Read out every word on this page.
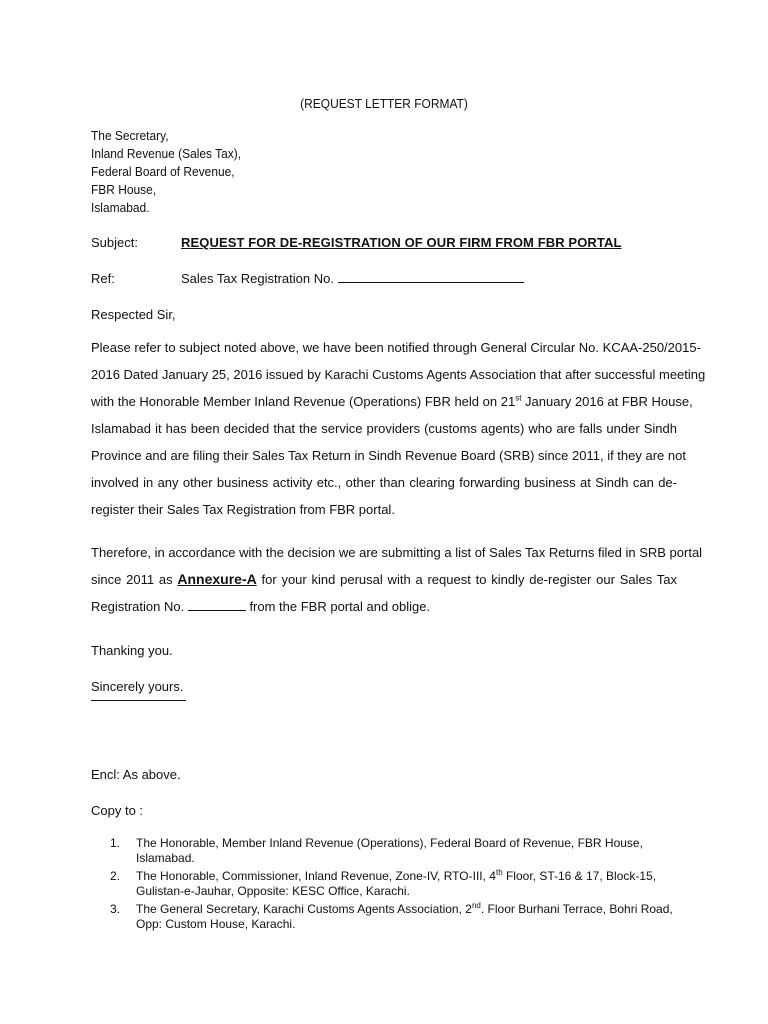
(REQUEST LETTER FORMAT)
The Secretary,
Inland Revenue (Sales Tax),
Federal Board of Revenue,
FBR House,
Islamabad.
Subject:	REQUEST FOR DE-REGISTRATION OF OUR FIRM FROM FBR PORTAL
Ref:	Sales Tax Registration No.
Respected Sir,
Please refer to subject noted above, we have been notified through General Circular No. KCAA-250/2015-
2016 Dated January 25, 2016 issued by Karachi Customs Agents Association that after successful meeting
with the Honorable Member Inland Revenue (Operations) FBR held on 21st January 2016 at FBR House,
Islamabad it has been decided that the service providers (customs agents) who are falls under Sindh
Province and are filing their Sales Tax Return in Sindh Revenue Board (SRB) since 2011, if they are not
involved in any other business activity etc., other than clearing forwarding business at Sindh can de-
register their Sales Tax Registration from FBR portal.
Therefore, in accordance with the decision we are submitting a list of Sales Tax Returns filed in SRB portal
since 2011 as Annexure-A for your kind perusal with a request to kindly de-register our Sales Tax
Registration No.	from the FBR portal and oblige.
Thanking you.
Sincerely yours.
Encl: As above.
Copy to :
1. The Honorable, Member Inland Revenue (Operations), Federal Board of Revenue, FBR House, Islamabad.
2. The Honorable, Commissioner, Inland Revenue, Zone-IV, RTO-III, 4th Floor, ST-16 & 17, Block-15, Gulistan-e-Jauhar, Opposite: KESC Office, Karachi.
3. The General Secretary, Karachi Customs Agents Association, 2nd. Floor Burhani Terrace, Bohri Road, Opp: Custom House, Karachi.
